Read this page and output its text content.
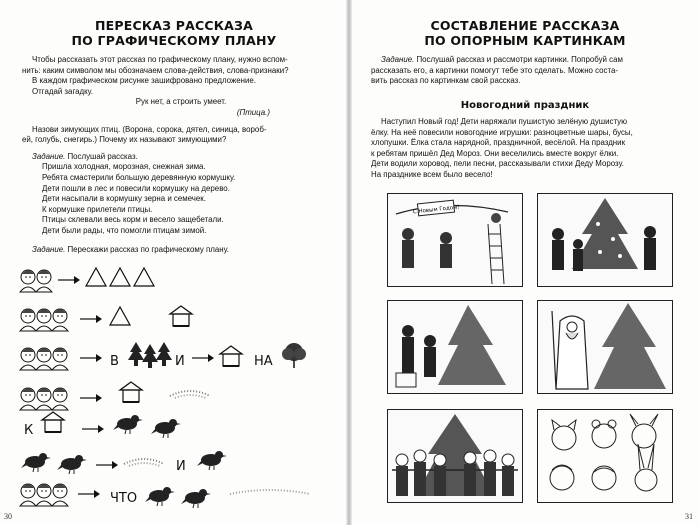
ПЕРЕСКАЗ РАССКАЗА
ПО ГРАФИЧЕСКОМУ ПЛАНУ

Чтобы рассказать этот рассказ по графическому плану, нужно вспом-

нить: каким символом мы обозначаем слова-действия, слова-признаки?

В каждом графическом рисунке зашифровано предложение.

Отгадай загадку.

Рук нет, а строить умеет.

(Птица.)

Назови зимующих птиц. (Ворона, сорока, дятел, синица, вороб-

ей, голубь, снегирь.) Почему их называют зимующими?

Задание. Послушай рассказ.

Пришла холодная, морозная, снежная зима.

Ребята смастерили большую деревянную кормушку.

Дети пошли в лес и повесили кормушку на дерево.

Дети насыпали в кормушку зерна и семечек.

К кормушке прилетели птицы.

Птицы склевали весь корм и весело защебетали.

Дети были рады, что помогли птицам зимой.

Задание. Перескажи рассказ по графическому плану.

В	И	НА
К
И
ЧТО
30
СОСТАВЛЕНИЕ РАССКАЗА
ПО ОПОРНЫМ КАРТИНКАМ

Задание. Послушай рассказ и рассмотри картинки. Попробуй сам

рассказать его, а картинки помогут тебе это сделать. Можно соста-

вить рассказ по картинкам свой рассказ.

Новогодний праздник

Наступил Новый год! Дети наряжали пушистую зелёную душистую

ёлку. На неё повесили новогодние игрушки: разноцветные шары, бусы,

хлопушки. Ёлка стала нарядной, праздничной, весёлой. На праздник

к ребятам пришёл Дед Мороз. Они веселились вместе вокруг ёлки.

Дети водили хоровод, пели песни, рассказывали стихи Деду Морозу.

На празднике всем было весело!

С Новым Годом!
31
